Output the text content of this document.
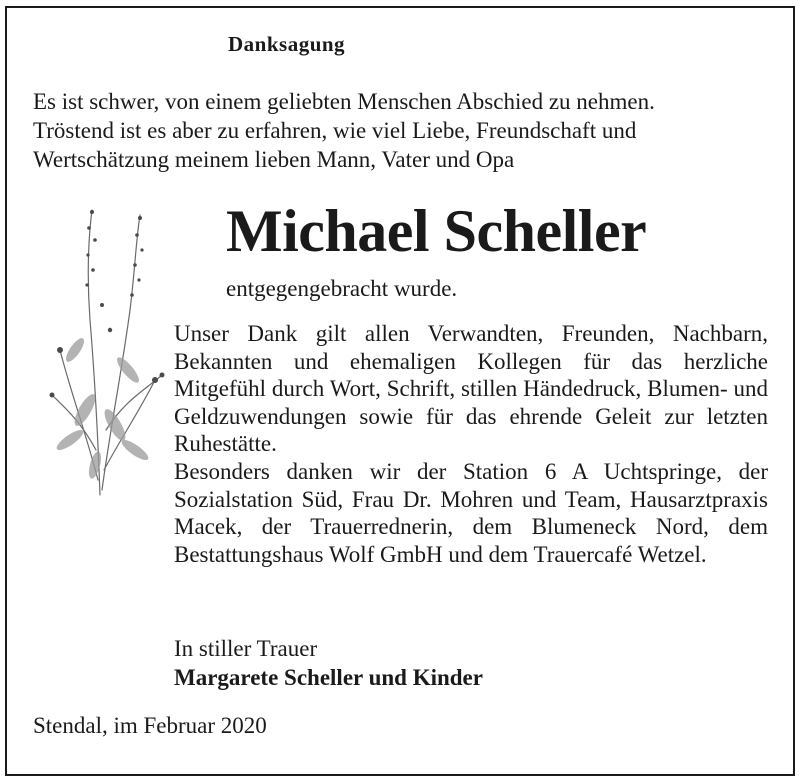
Danksagung
Es ist schwer, von einem geliebten Menschen Abschied zu nehmen.
Tröstend ist es aber zu erfahren, wie viel Liebe, Freundschaft und
Wertschätzung meinem lieben Mann, Vater und Opa
Michael Scheller
entgegengebracht wurde.

Unser Dank gilt allen Verwandten, Freunden, Nachbarn, Bekannten und ehemaligen Kollegen für das herzliche Mitgefühl durch Wort, Schrift, stillen Händedruck, Blumen- und Geldzuwendungen sowie für das ehrende Geleit zur letzten Ruhestätte.

Besonders danken wir der Station 6 A Uchtspringe, der Sozialstation Süd, Frau Dr. Mohren und Team, Hausarztpraxis Macek, der Trauerrednerin, dem Blumeneck Nord, dem Bestattungshaus Wolf GmbH und dem Trauercafé Wetzel.

In stiller Trauer
Margarete Scheller und Kinder
Stendal, im Februar 2020
